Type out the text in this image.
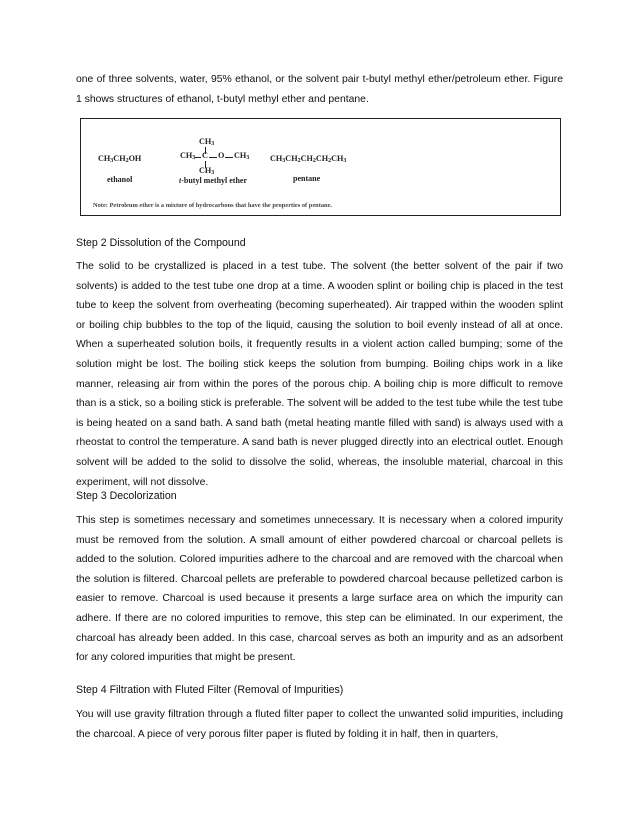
one of three solvents, water, 95% ethanol, or the solvent pair t-butyl methyl ether/petroleum ether. Figure 1 shows structures of ethanol, t-butyl methyl ether and pentane.

$CH_3CH_2OH$
ethanol
$CH_3$
$CH_3$ C O $CH_3$
$CH_3$
t-butyl methyl ether
$CH_3CH_2CH_2CH_2CH_3$
pentane
Note: Petroleum ether is a mixture of hydrocarbons that have the properties of pentane.
Step 2 Dissolution of the Compound

The solid to be crystallized is placed in a test tube. The solvent (the better solvent of the pair if two solvents) is added to the test tube one drop at a time. A wooden splint or boiling chip is placed in the test tube to keep the solvent from overheating (becoming superheated). Air trapped within the wooden splint or boiling chip bubbles to the top of the liquid, causing the solution to boil evenly instead of all at once. When a superheated solution boils, it frequently results in a violent action called bumping; some of the solution might be lost. The boiling stick keeps the solution from bumping. Boiling chips work in a like manner, releasing air from within the pores of the porous chip. A boiling chip is more difficult to remove than is a stick, so a boiling stick is preferable. The solvent will be added to the test tube while the test tube is being heated on a sand bath. A sand bath (metal heating mantle filled with sand) is always used with a rheostat to control the temperature. A sand bath is never plugged directly into an electrical outlet. Enough solvent will be added to the solid to dissolve the solid, whereas, the insoluble material, charcoal in this experiment, will not dissolve.

Step 3 Decolorization

This step is sometimes necessary and sometimes unnecessary. It is necessary when a colored impurity must be removed from the solution. A small amount of either powdered charcoal or charcoal pellets is added to the solution. Colored impurities adhere to the charcoal and are removed with the charcoal when the solution is filtered. Charcoal pellets are preferable to powdered charcoal because pelletized carbon is easier to remove. Charcoal is used because it presents a large surface area on which the impurity can adhere. If there are no colored impurities to remove, this step can be eliminated. In our experiment, the charcoal has already been added. In this case, charcoal serves as both an impurity and as an adsorbent for any colored impurities that might be present.

Step 4 Filtration with Fluted Filter (Removal of Impurities)

You will use gravity filtration through a fluted filter paper to collect the unwanted solid impurities, including the charcoal. A piece of very porous filter paper is fluted by folding it in half, then in quarters,
